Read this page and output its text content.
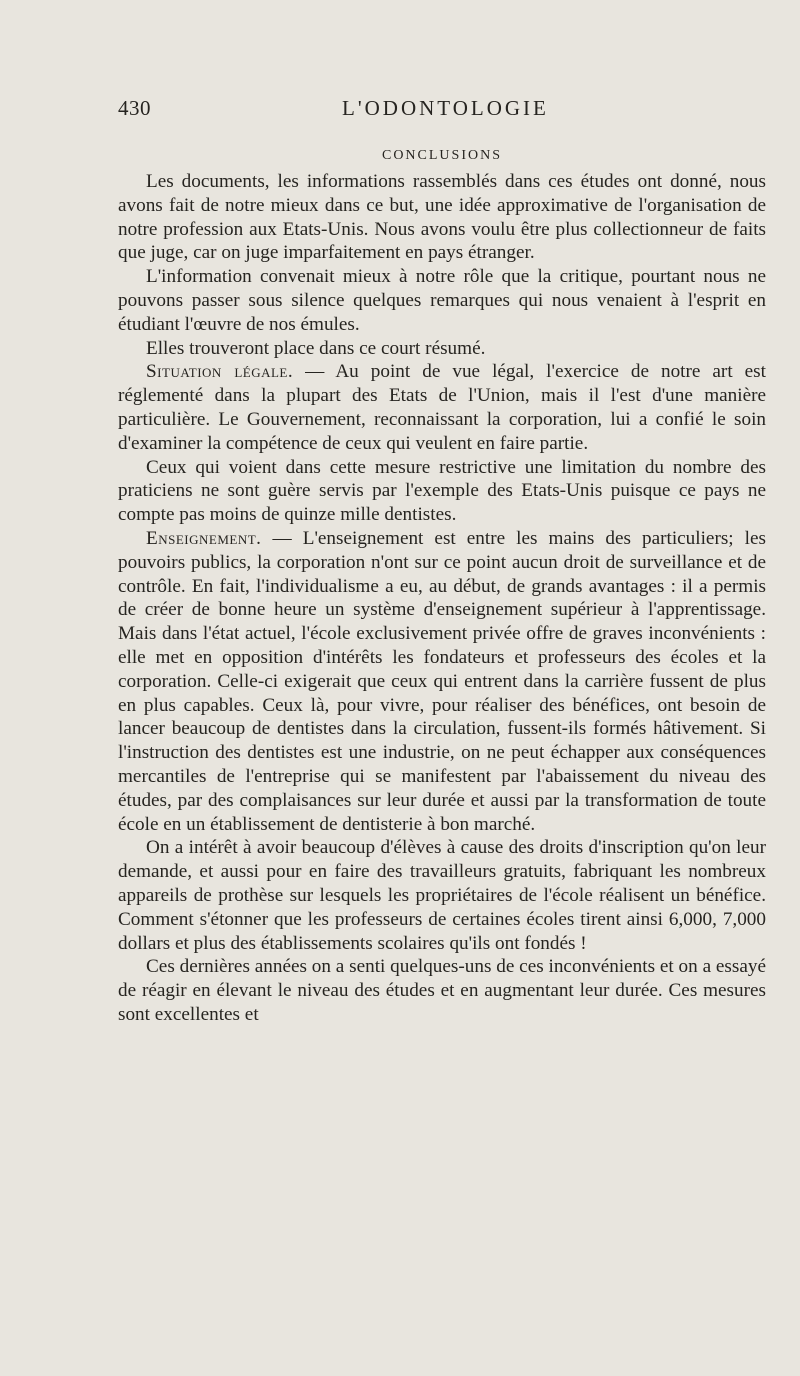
430	L'ODONTOLOGIE
CONCLUSIONS

Les documents, les informations rassemblés dans ces études ont donné, nous avons fait de notre mieux dans ce but, une idée approximative de l'organisation de notre profession aux Etats-Unis. Nous avons voulu être plus collectionneur de faits que juge, car on juge imparfaitement en pays étranger.

L'information convenait mieux à notre rôle que la critique, pourtant nous ne pouvons passer sous silence quelques remarques qui nous venaient à l'esprit en étudiant l'œuvre de nos émules.

Elles trouveront place dans ce court résumé.

Situation légale. — Au point de vue légal, l'exercice de notre art est réglementé dans la plupart des Etats de l'Union, mais il l'est d'une manière particulière. Le Gouvernement, reconnaissant la corporation, lui a confié le soin d'examiner la compétence de ceux qui veulent en faire partie.

Ceux qui voient dans cette mesure restrictive une limitation du nombre des praticiens ne sont guère servis par l'exemple des Etats-Unis puisque ce pays ne compte pas moins de quinze mille dentistes.

Enseignement. — L'enseignement est entre les mains des particuliers; les pouvoirs publics, la corporation n'ont sur ce point aucun droit de surveillance et de contrôle. En fait, l'individualisme a eu, au début, de grands avantages : il a permis de créer de bonne heure un système d'enseignement supérieur à l'apprentissage. Mais dans l'état actuel, l'école exclusivement privée offre de graves inconvénients : elle met en opposition d'intérêts les fondateurs et professeurs des écoles et la corporation. Celle-ci exigerait que ceux qui entrent dans la carrière fussent de plus en plus capables. Ceux là, pour vivre, pour réaliser des bénéfices, ont besoin de lancer beaucoup de dentistes dans la circulation, fussent-ils formés hâtivement. Si l'instruction des dentistes est une industrie, on ne peut échapper aux conséquences mercantiles de l'entreprise qui se manifestent par l'abaissement du niveau des études, par des complaisances sur leur durée et aussi par la transformation de toute école en un établissement de dentisterie à bon marché.

On a intérêt à avoir beaucoup d'élèves à cause des droits d'inscription qu'on leur demande, et aussi pour en faire des travailleurs gratuits, fabriquant les nombreux appareils de prothèse sur lesquels les propriétaires de l'école réalisent un bénéfice. Comment s'étonner que les professeurs de certaines écoles tirent ainsi 6,000, 7,000 dollars et plus des établissements scolaires qu'ils ont fondés !

Ces dernières années on a senti quelques-uns de ces inconvénients et on a essayé de réagir en élevant le niveau des études et en augmentant leur durée. Ces mesures sont excellentes et
